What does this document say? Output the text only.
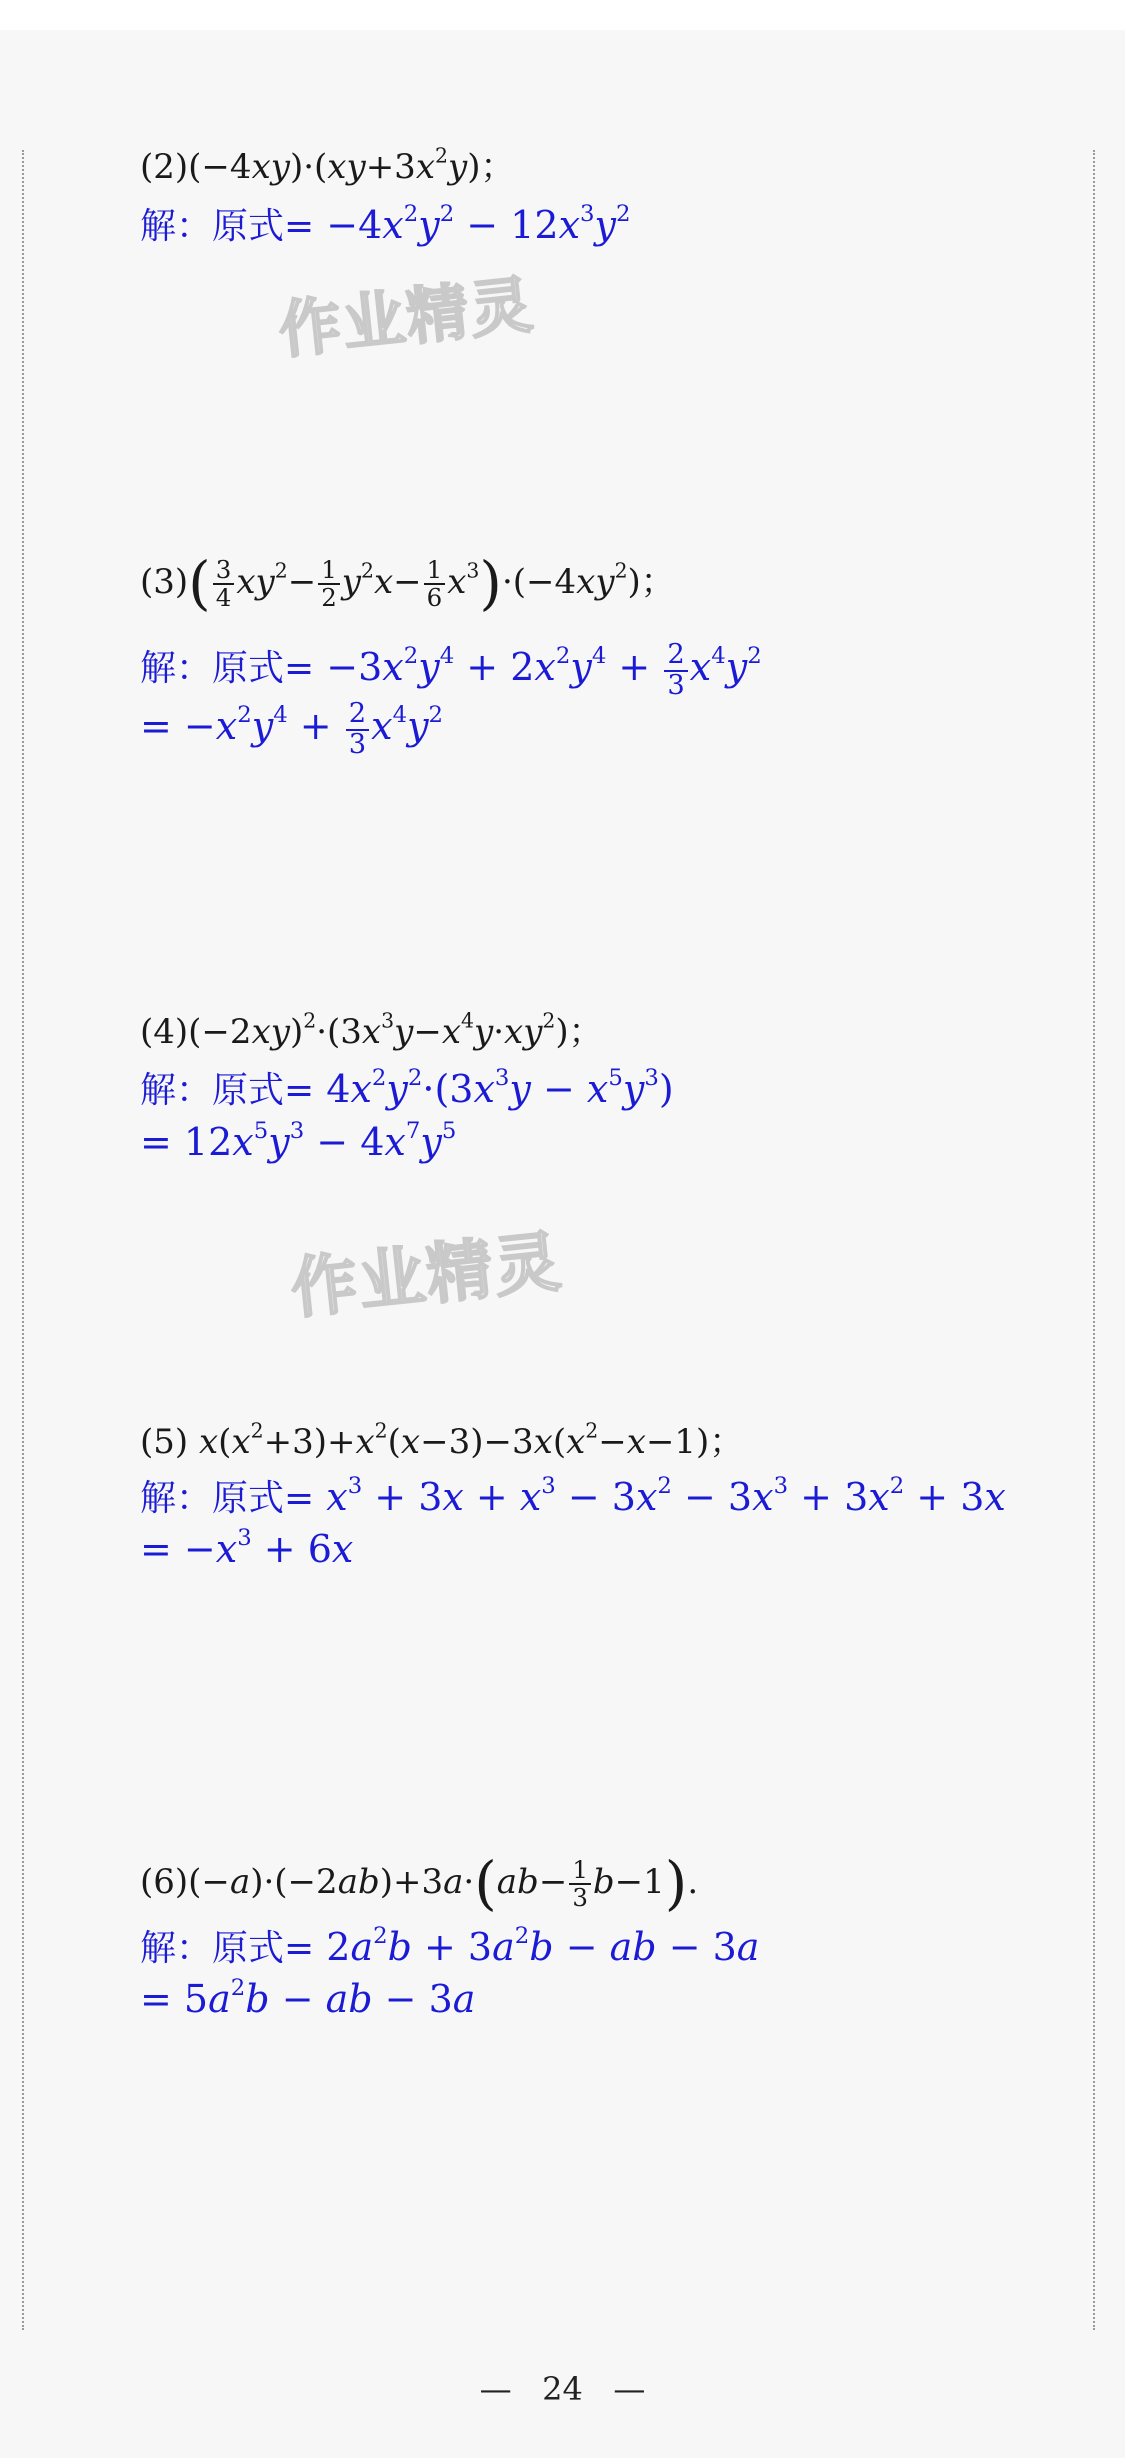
$(2)(-4xy)\cdot(xy+3x^2y)$；
解：原式= $-4x^2y^2 - 12x^3y^2$
作业精灵
$(3)( \frac{3}{4} xy^2- \frac{1}{2} y^2x- \frac{1}{6} x^3)\cdot(-4xy^2)$；
解：原式= $-3x^2y^4 + 2x^2y^4 + \frac{2}{3} x^4y^2$
= $-x^2y^4 + \frac{2}{3} x^4y^2$
$(4)(-2xy)^2\cdot(3x^3y-x^4y\cdot xy^2)$；
解：原式= $4x^2y^2\cdot(3x^3y - x^5y^3)$
= $12x^5y^3 - 4x^7y^5$
作业精灵
(5) $x(x^2+3)+x^2(x-3)-3x(x^2-x-1)$；
解：原式= $x^3 + 3x + x^3 - 3x^2 - 3x^3 + 3x^2 + 3x$
= $-x^3 + 6x$
$(6)(-a)\cdot(-2ab)+3a\cdot(ab- \frac{1}{3} b-1)$.
解：原式= $2a^2b + 3a^2b$ − ab − 3a
= $5a^2b$ − ab − 3a
— 24 —
